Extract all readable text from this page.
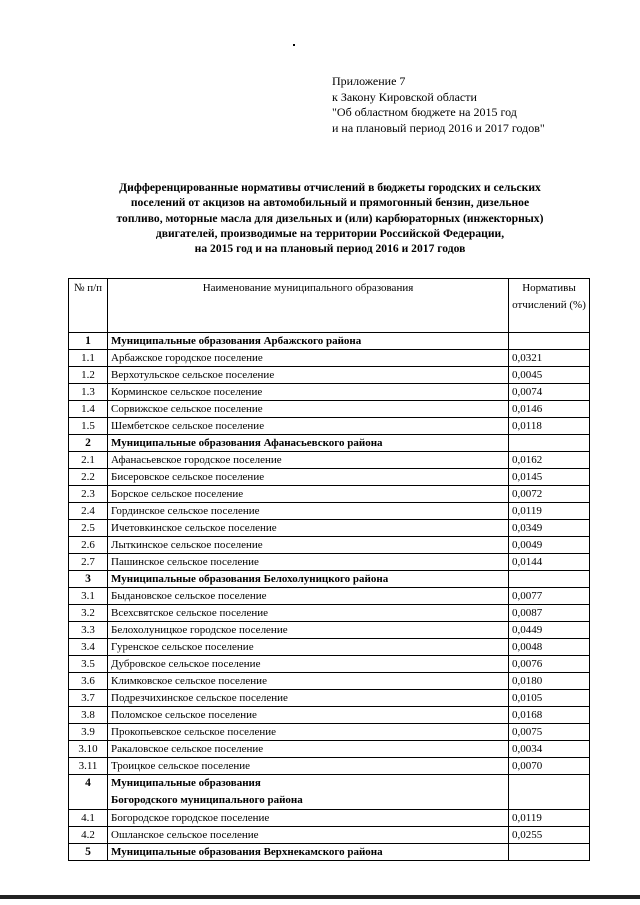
Приложение 7
к Закону Кировской области
"Об областном бюджете на 2015 год
и на плановый период 2016 и 2017 годов"
Дифференцированные нормативы отчислений в бюджеты городских и сельских
поселений от акцизов на автомобильный и прямогонный бензин, дизельное
топливо, моторные масла для дизельных и (или) карбюраторных (инжекторных)
двигателей, производимые на территории Российской Федерации,
на 2015 год и на плановый период 2016 и 2017 годов
№ п/п	Наименование муниципального образования	Нормативы отчислений (%)
1	Муниципальные образования Арбажского района	
1.1	Арбажское городское поселение	0,0321
1.2	Верхотульское сельское поселение	0,0045
1.3	Корминское сельское поселение	0,0074
1.4	Сорвижское сельское поселение	0,0146
1.5	Шембетское сельское поселение	0,0118
2	Муниципальные образования Афанасьевского района	
2.1	Афанасьевское городское поселение	0,0162
2.2	Бисеровское сельское поселение	0,0145
2.3	Борское сельское поселение	0,0072
2.4	Гординское сельское поселение	0,0119
2.5	Ичетовкинское сельское поселение	0,0349
2.6	Лыткинское сельское поселение	0,0049
2.7	Пашинское сельское поселение	0,0144
3	Муниципальные образования Белохолуницкого района	
3.1	Быдановское сельское поселение	0,0077
3.2	Всехсвятское сельское поселение	0,0087
3.3	Белохолуницкое городское поселение	0,0449
3.4	Гуренское сельское поселение	0,0048
3.5	Дубровское сельское поселение	0,0076
3.6	Климковское сельское поселение	0,0180
3.7	Подрезчихинское сельское поселение	0,0105
3.8	Поломское сельское поселение	0,0168
3.9	Прокопьевское сельское поселение	0,0075
3.10	Ракаловское сельское поселение	0,0034
3.11	Троицкое сельское поселение	0,0070
4	Муниципальные образования
Богородского муниципального района	

4.1	Богородское городское поселение	0,0119
4.2	Ошланское сельское поселение	0,0255
5	Муниципальные образования Верхнекамского района	
